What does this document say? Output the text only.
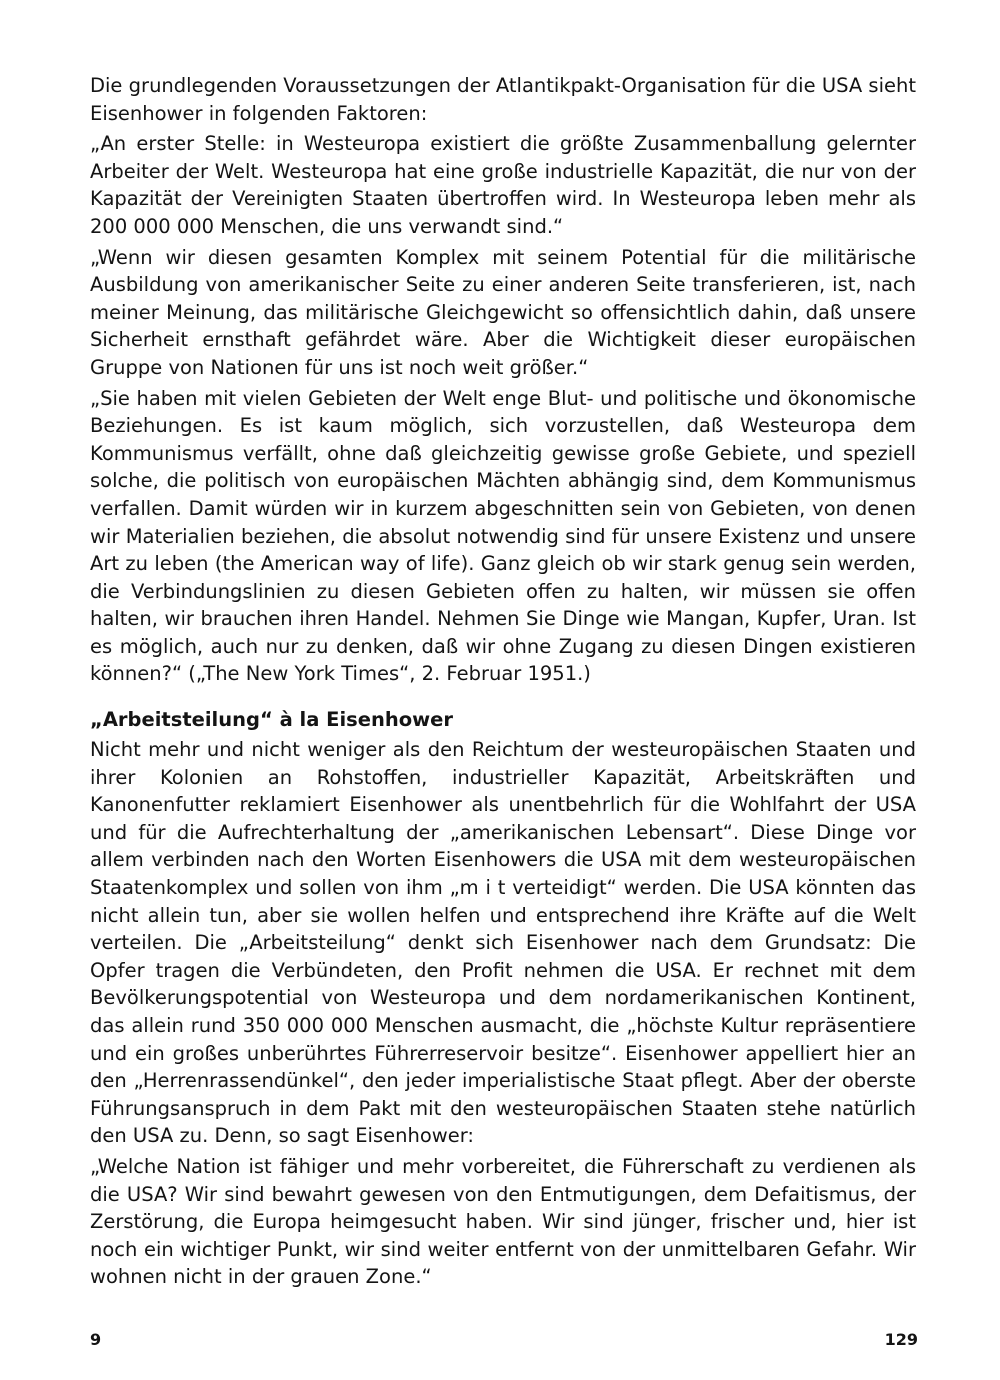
Die grundlegenden Voraussetzungen der Atlantikpakt-Organisation für die USA sieht Eisenhower in folgenden Faktoren:

„An erster Stelle: in Westeuropa existiert die größte Zusammenballung gelernter Arbeiter der Welt. Westeuropa hat eine große industrielle Kapazität, die nur von der Kapazität der Vereinigten Staaten übertroffen wird. In Westeuropa leben mehr als 200 000 000 Menschen, die uns verwandt sind.“

„Wenn wir diesen gesamten Komplex mit seinem Potential für die militärische Ausbildung von amerikanischer Seite zu einer anderen Seite transferieren, ist, nach meiner Meinung, das militärische Gleichgewicht so offensichtlich dahin, daß unsere Sicherheit ernsthaft gefährdet wäre. Aber die Wichtigkeit dieser europäischen Gruppe von Nationen für uns ist noch weit größer.“

„Sie haben mit vielen Gebieten der Welt enge Blut- und politische und ökonomische Beziehungen. Es ist kaum möglich, sich vorzustellen, daß Westeuropa dem Kommunismus verfällt, ohne daß gleichzeitig gewisse große Gebiete, und speziell solche, die politisch von europäischen Mächten abhängig sind, dem Kommunismus verfallen. Damit würden wir in kurzem abgeschnitten sein von Gebieten, von denen wir Materialien beziehen, die absolut notwendig sind für unsere Existenz und unsere Art zu leben (the American way of life). Ganz gleich ob wir stark genug sein werden, die Verbindungslinien zu diesen Gebieten offen zu halten, wir müssen sie offen halten, wir brauchen ihren Handel. Nehmen Sie Dinge wie Mangan, Kupfer, Uran. Ist es möglich, auch nur zu denken, daß wir ohne Zugang zu diesen Dingen existieren können?“ („The New York Times“, 2. Februar 1951.)

„Arbeitsteilung“ à la Eisenhower

Nicht mehr und nicht weniger als den Reichtum der westeuropäischen Staaten und ihrer Kolonien an Rohstoffen, industrieller Kapazität, Arbeitskräften und Kanonenfutter reklamiert Eisenhower als unentbehrlich für die Wohlfahrt der USA und für die Aufrechterhaltung der „amerikanischen Lebensart“. Diese Dinge vor allem verbinden nach den Worten Eisenhowers die USA mit dem westeuropäischen Staatenkomplex und sollen von ihm „m i t verteidigt“ werden. Die USA könnten das nicht allein tun, aber sie wollen helfen und entsprechend ihre Kräfte auf die Welt verteilen. Die „Arbeitsteilung“ denkt sich Eisenhower nach dem Grundsatz: Die Opfer tragen die Verbündeten, den Profit nehmen die USA. Er rechnet mit dem Bevölkerungspotential von Westeuropa und dem nordamerikanischen Kontinent, das allein rund 350 000 000 Menschen ausmacht, die „höchste Kultur repräsentiere und ein großes unberührtes Führerreservoir besitze“. Eisenhower appelliert hier an den „Herrenrassendünkel“, den jeder imperialistische Staat pflegt. Aber der oberste Führungsanspruch in dem Pakt mit den westeuropäischen Staaten stehe natürlich den USA zu. Denn, so sagt Eisenhower:

„Welche Nation ist fähiger und mehr vorbereitet, die Führerschaft zu verdienen als die USA? Wir sind bewahrt gewesen von den Entmutigungen, dem Defaitismus, der Zerstörung, die Europa heimgesucht haben. Wir sind jünger, frischer und, hier ist noch ein wichtiger Punkt, wir sind weiter entfernt von der unmittelbaren Gefahr. Wir wohnen nicht in der grauen Zone.“

9	129
